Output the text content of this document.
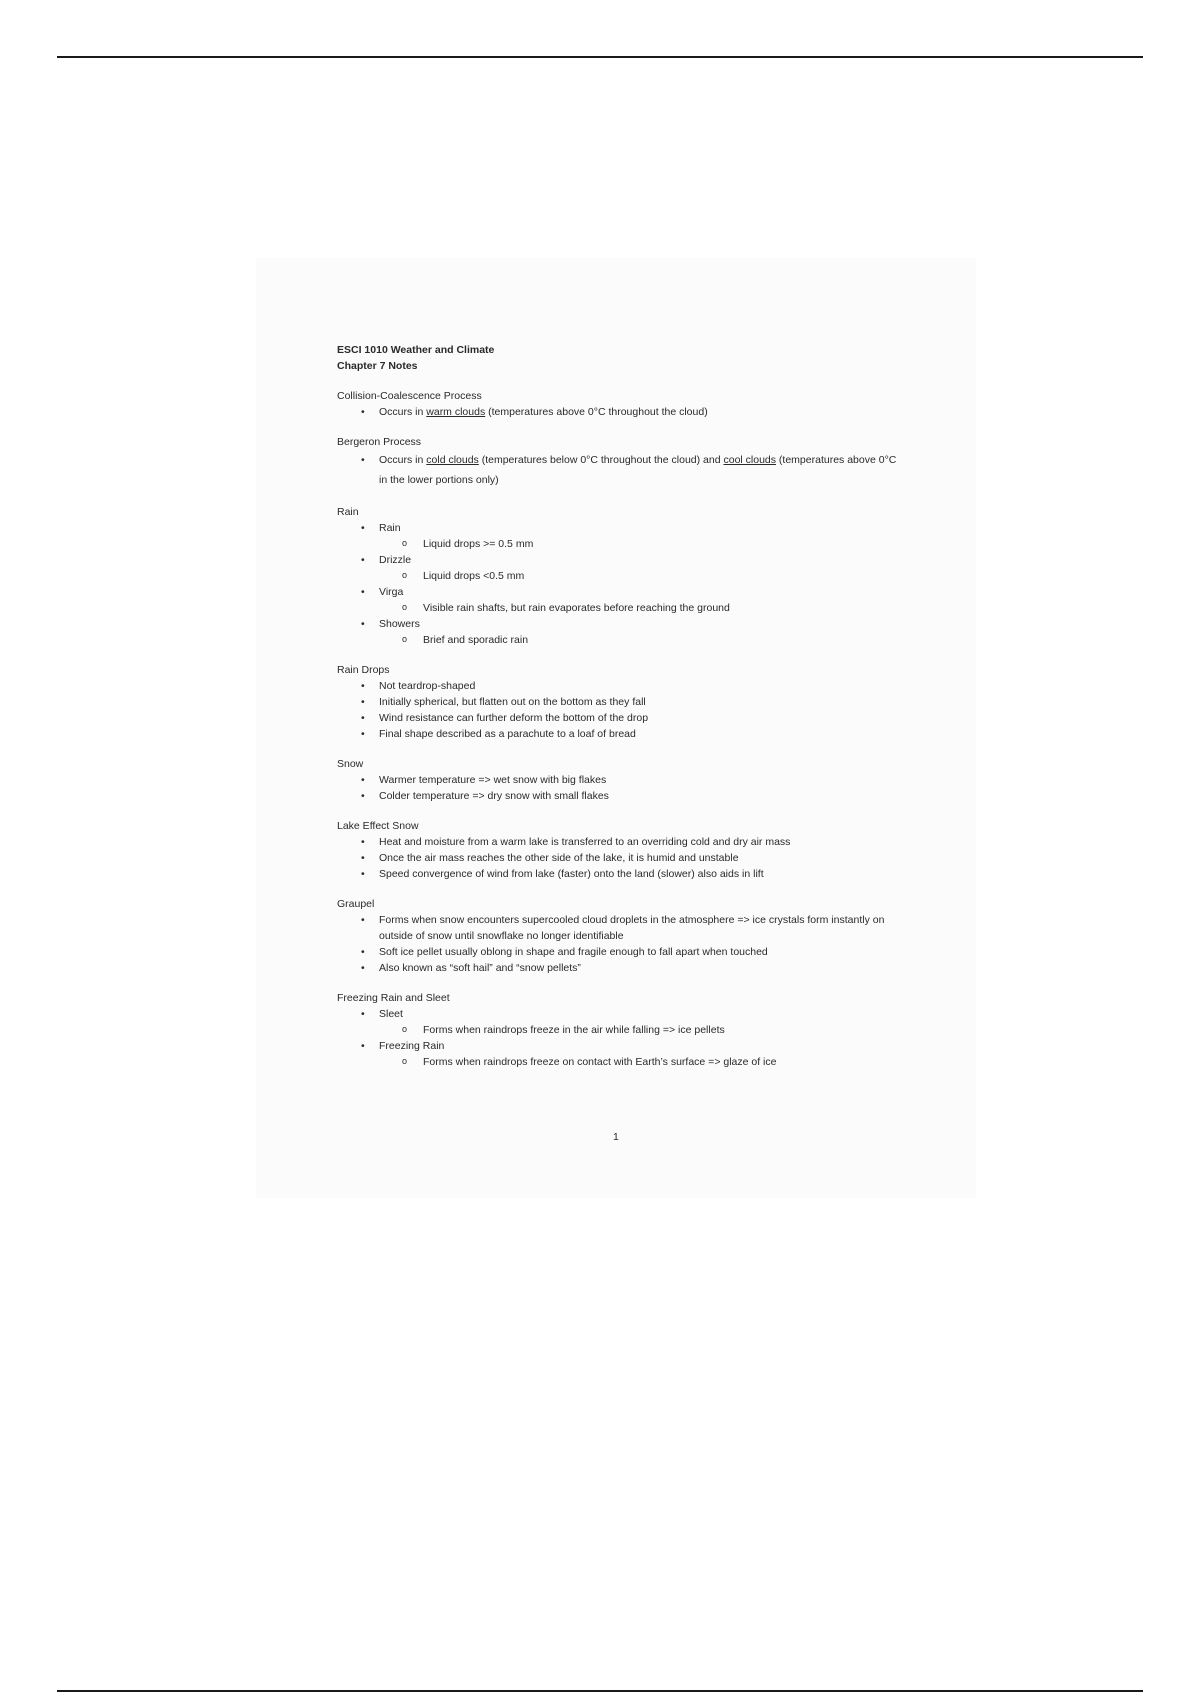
ESCI 1010 Weather and Climate

Chapter 7 Notes

Collision-Coalescence Process

• Occurs in warm clouds (temperatures above 0°C throughout the cloud)

Bergeron Process

• Occurs in cold clouds (temperatures below 0°C throughout the cloud) and cool clouds (temperatures above 0°C in the lower portions only)

Rain

• Rain
o Liquid drops >= 0.5 mm
• Drizzle
o Liquid drops <0.5 mm
• Virga
o Visible rain shafts, but rain evaporates before reaching the ground
• Showers
o Brief and sporadic rain

Rain Drops

• Not teardrop-shaped
• Initially spherical, but flatten out on the bottom as they fall
• Wind resistance can further deform the bottom of the drop
• Final shape described as a parachute to a loaf of bread

Snow

• Warmer temperature => wet snow with big flakes
• Colder temperature => dry snow with small flakes

Lake Effect Snow

• Heat and moisture from a warm lake is transferred to an overriding cold and dry air mass
• Once the air mass reaches the other side of the lake, it is humid and unstable
• Speed convergence of wind from lake (faster) onto the land (slower) also aids in lift

Graupel

• Forms when snow encounters supercooled cloud droplets in the atmosphere => ice crystals form instantly on outside of snow until snowflake no longer identifiable
• Soft ice pellet usually oblong in shape and fragile enough to fall apart when touched
• Also known as “soft hail” and “snow pellets”

Freezing Rain and Sleet

• Sleet
o Forms when raindrops freeze in the air while falling => ice pellets
• Freezing Rain
o Forms when raindrops freeze on contact with Earth’s surface => glaze of ice
1
